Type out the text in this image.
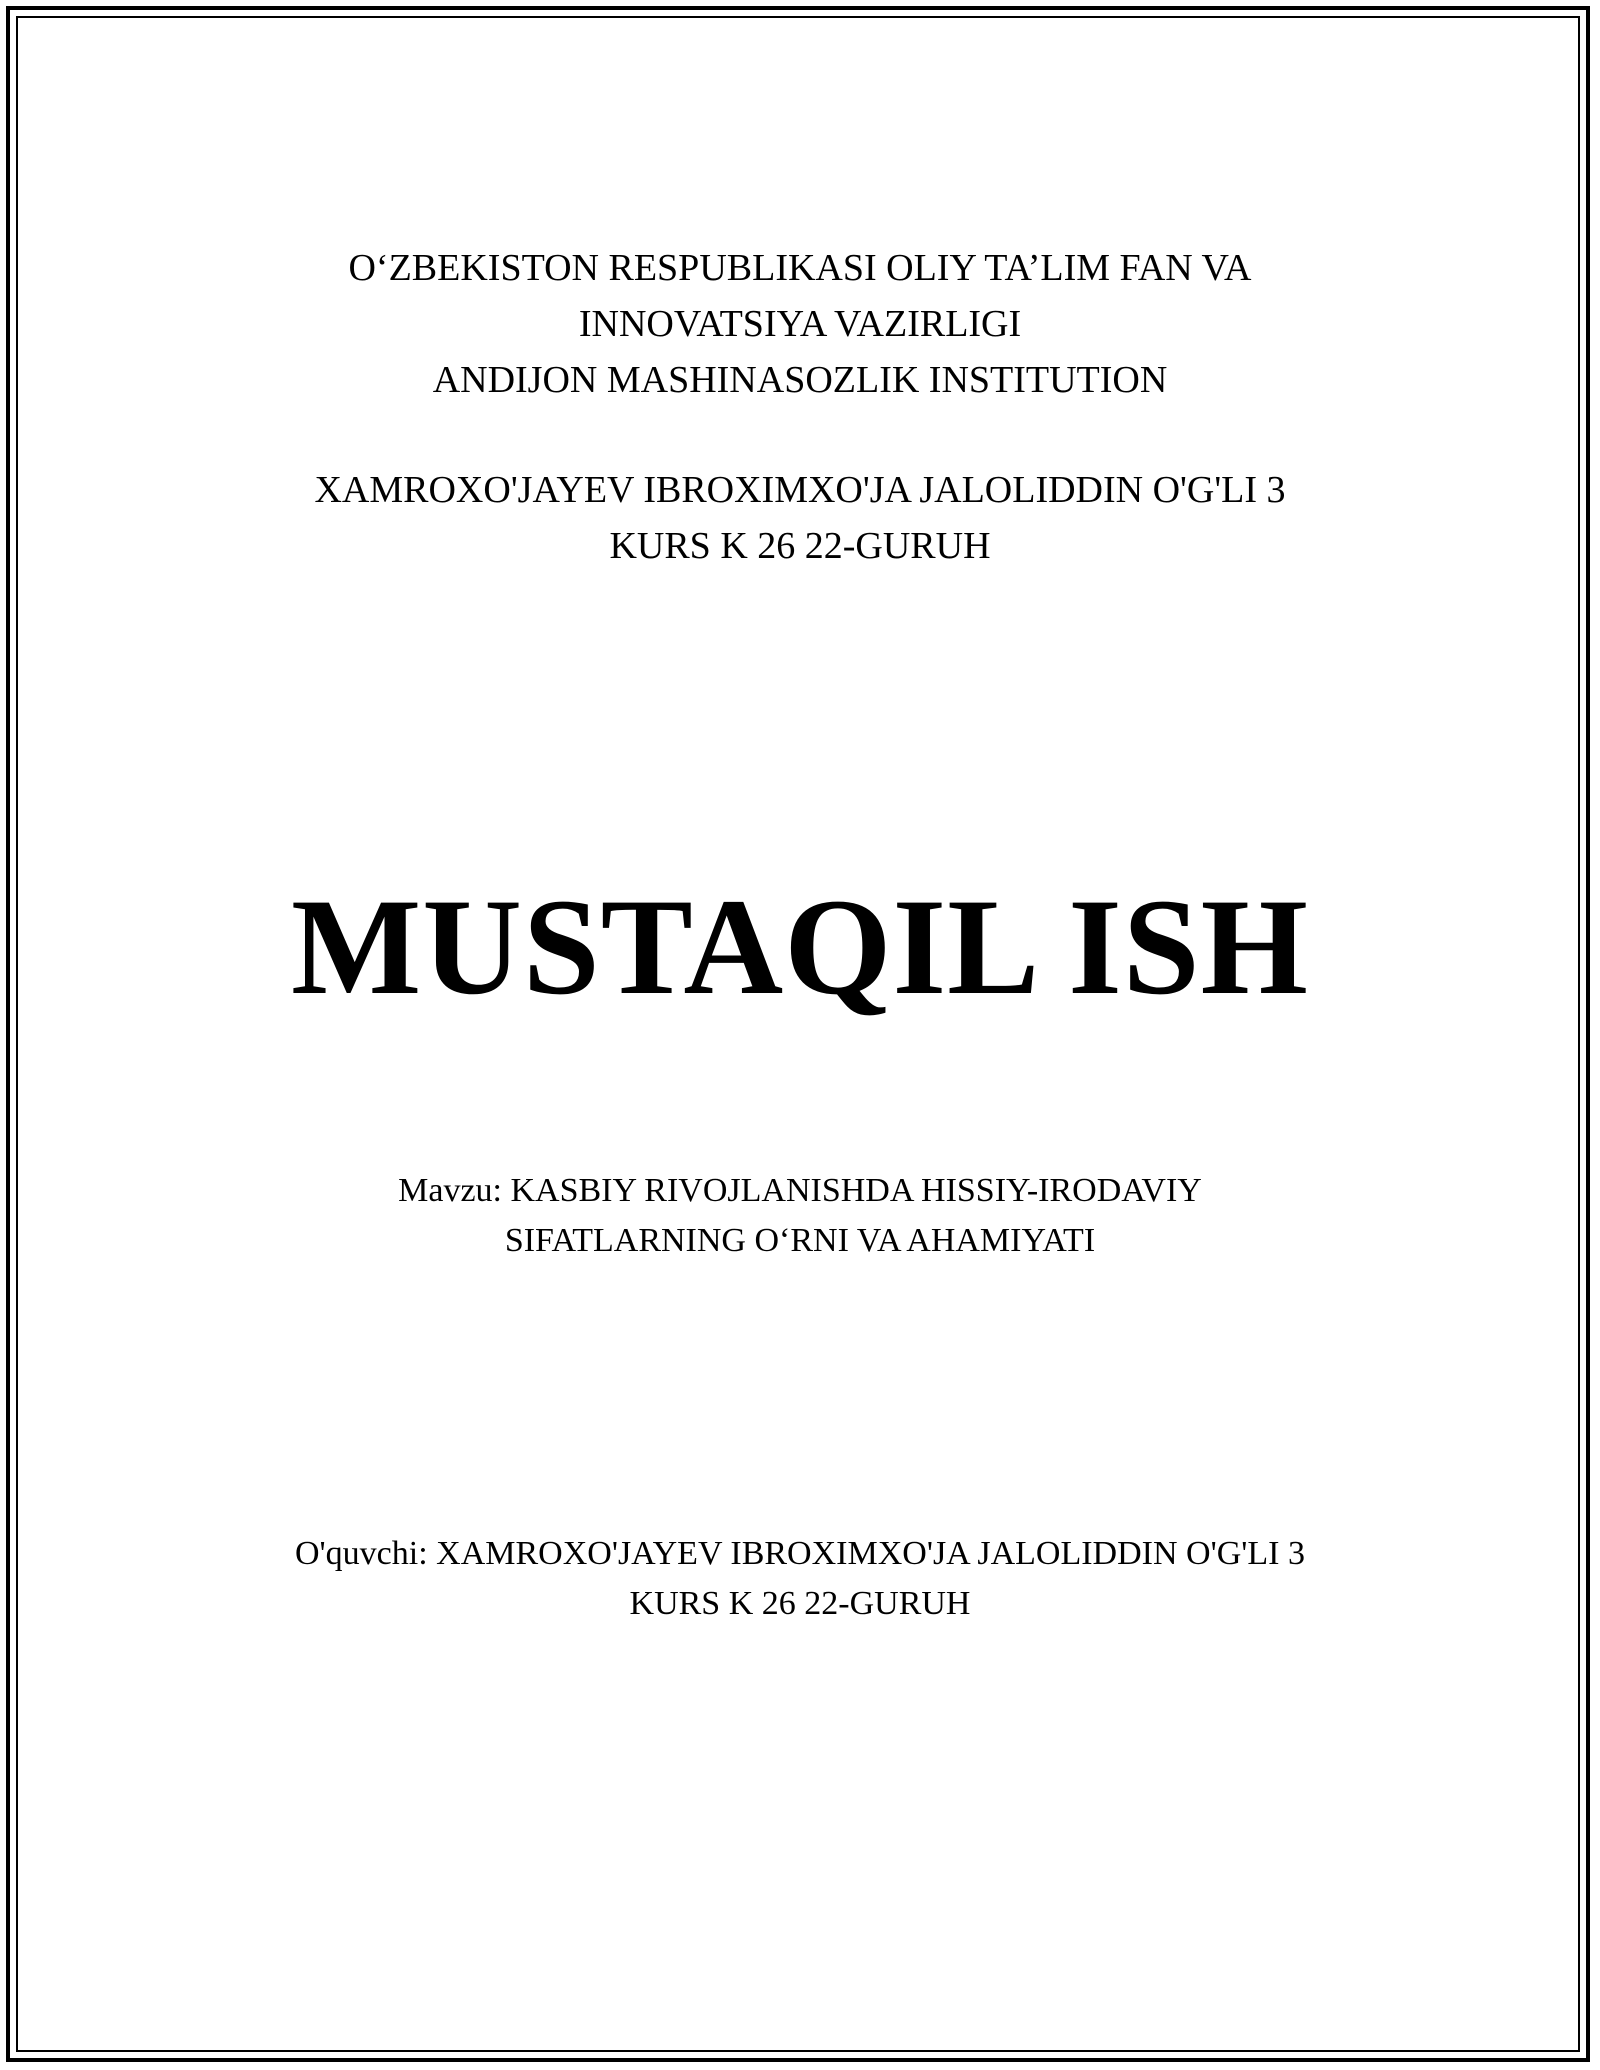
O‘ZBEKISTON RESPUBLIKASI OLIY TA’LIM FAN VA
INNOVATSIYA VAZIRLIGI
ANDIJON MASHINASOZLIK INSTITUTION
XAMROXO'JAYEV IBROXIMXO'JA JALOLIDDIN O'G'LI 3
KURS K 26 22-GURUH
MUSTAQIL ISH
Mavzu: KASBIY RIVOJLANISHDA HISSIY-IRODAVIY
SIFATLARNING O‘RNI VA AHAMIYATI
O'quvchi: XAMROXO'JAYEV IBROXIMXO'JA JALOLIDDIN O'G'LI 3
KURS K 26 22-GURUH
